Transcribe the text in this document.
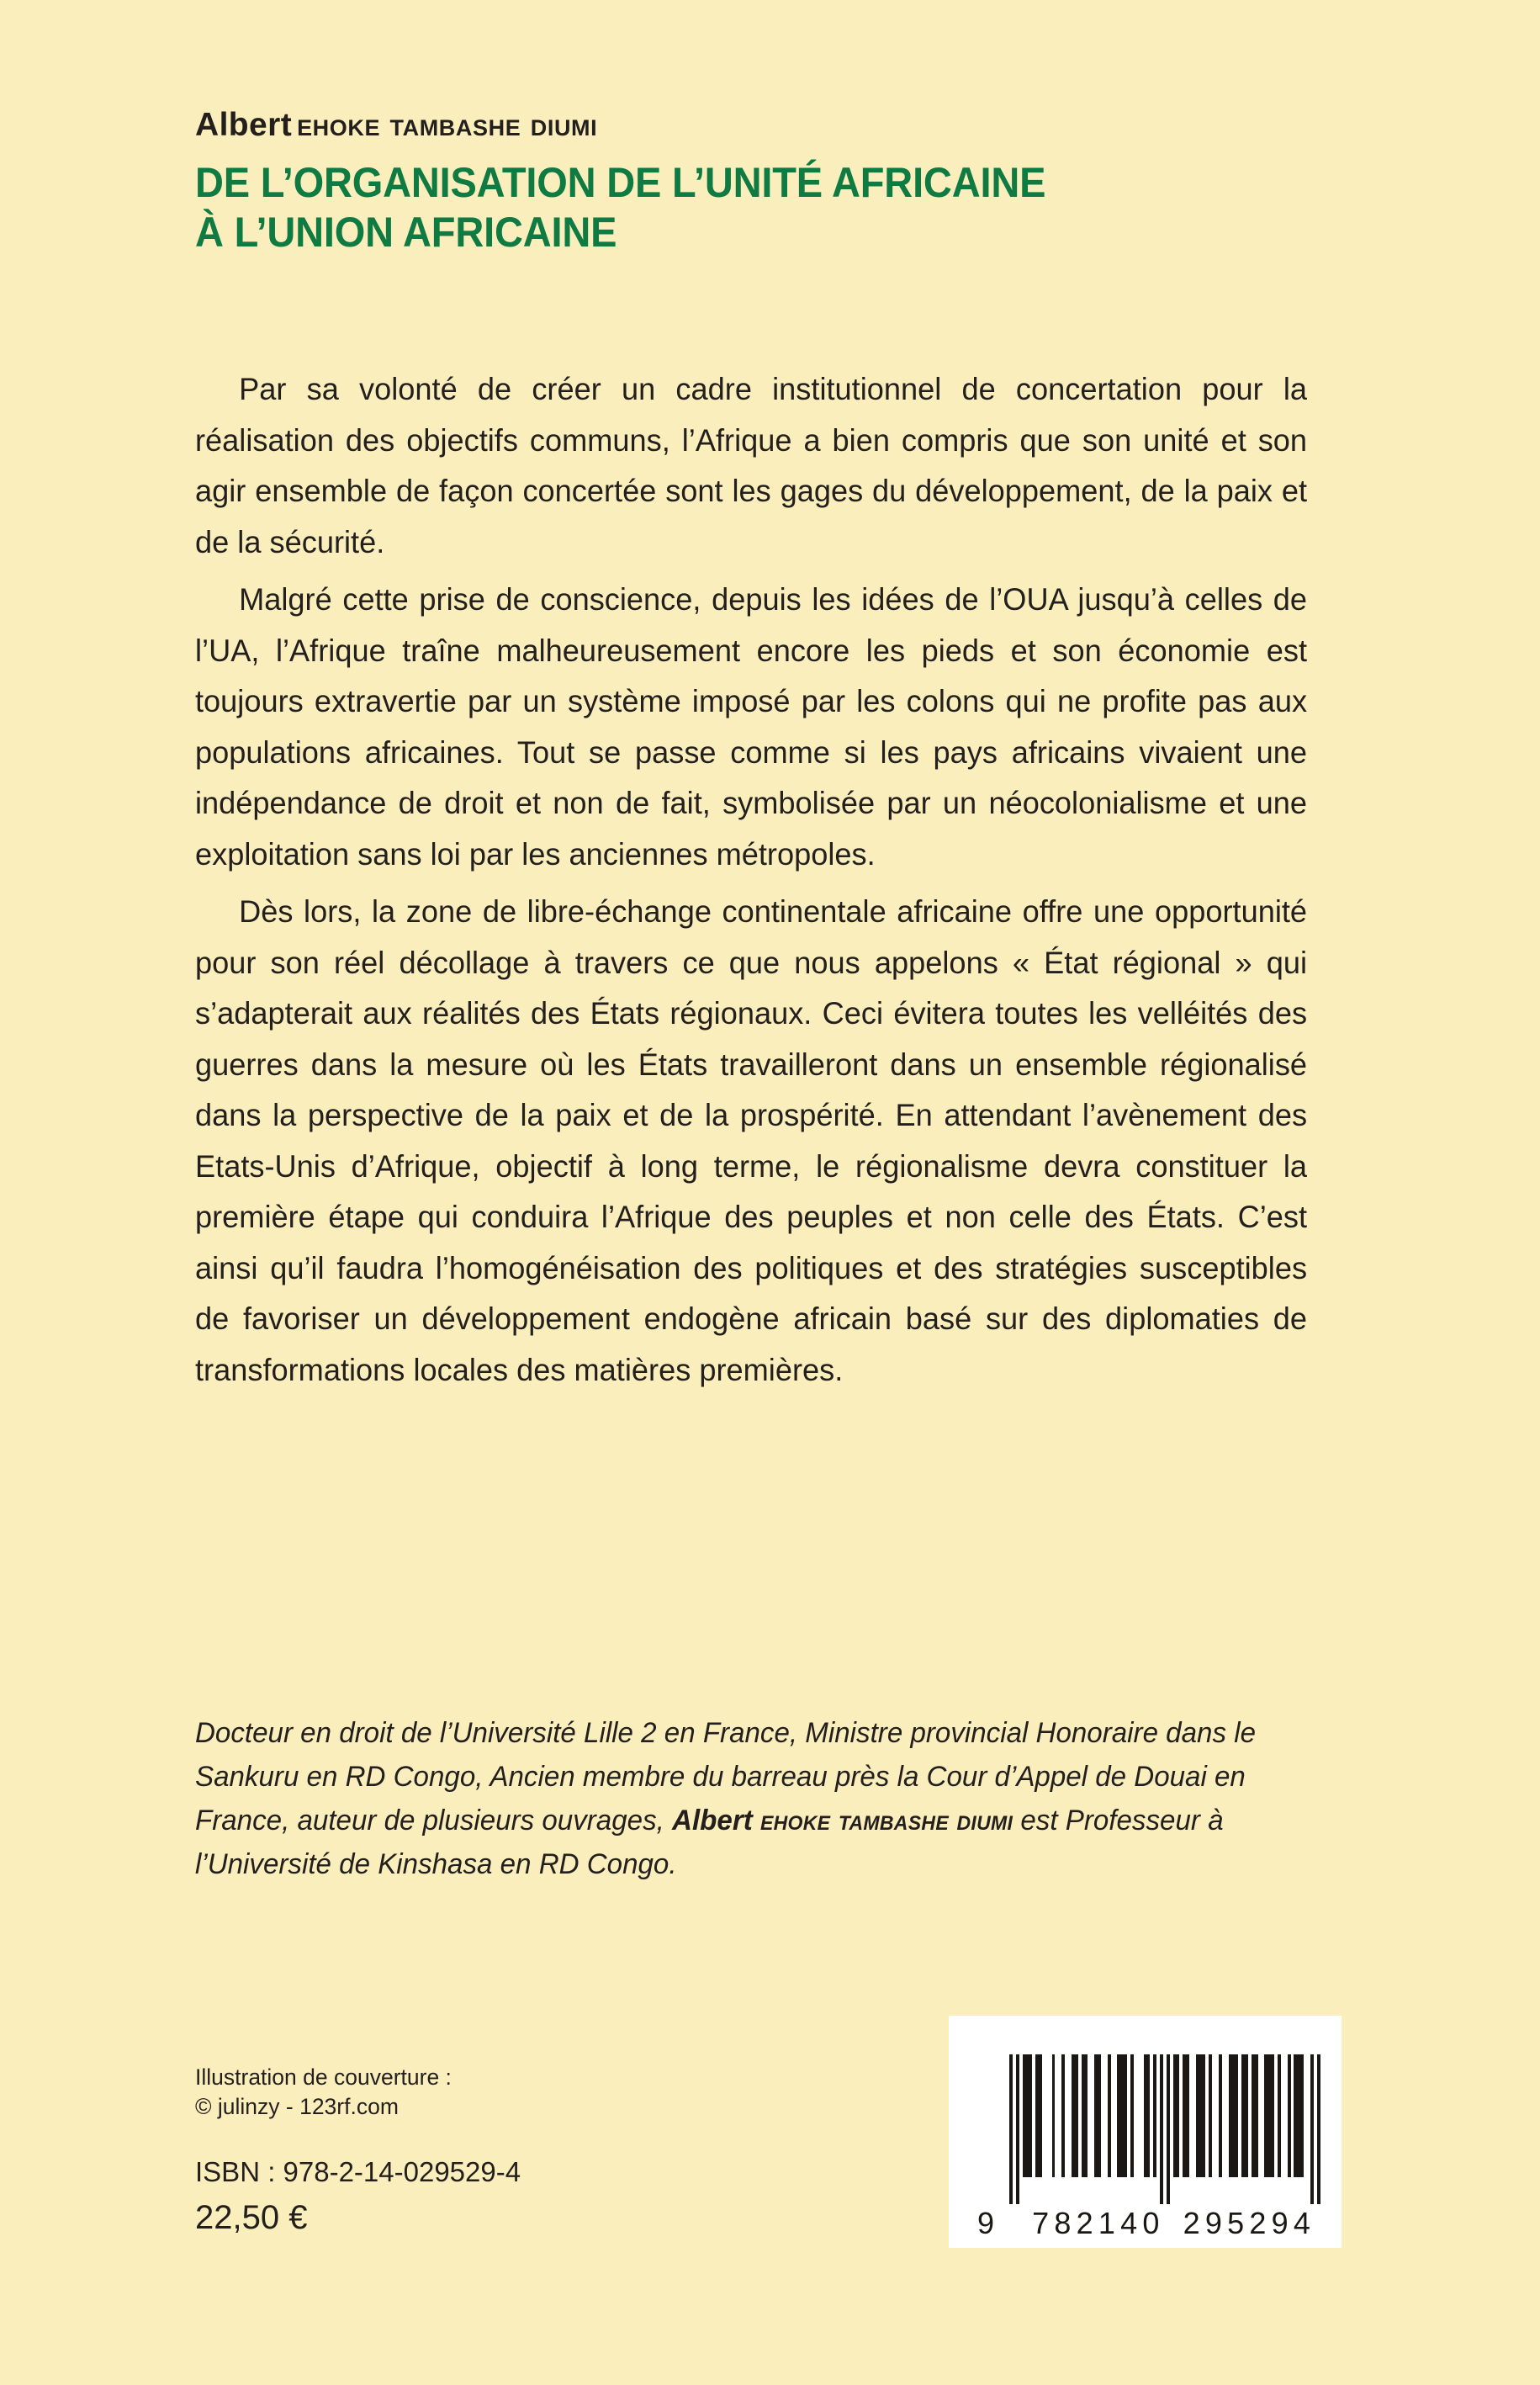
Albert ehoke tambashe diumi
DE L’ORGANISATION DE L’UNITÉ AFRICAINE
À L’UNION AFRICAINE

Par sa volonté de créer un cadre institutionnel de concertation pour la réalisation des objectifs communs, l’Afrique a bien compris que son unité et son agir ensemble de façon concertée sont les gages du développement, de la paix et de la sécurité.

Malgré cette prise de conscience, depuis les idées de l’OUA jusqu’à celles de l’UA, l’Afrique traîne malheureusement encore les pieds et son économie est toujours extravertie par un système imposé par les colons qui ne profite pas aux populations africaines. Tout se passe comme si les pays africains vivaient une indépendance de droit et non de fait, symbolisée par un néocolonialisme et une exploitation sans loi par les anciennes métropoles.

Dès lors, la zone de libre-échange continentale africaine offre une opportunité pour son réel décollage à travers ce que nous appelons « État régional » qui s’adapterait aux réalités des États régionaux. Ceci évitera toutes les velléités des guerres dans la mesure où les États travailleront dans un ensemble régionalisé dans la perspective de la paix et de la prospérité. En attendant l’avènement des Etats-Unis d’Afrique, objectif à long terme, le régionalisme devra constituer la première étape qui conduira l’Afrique des peuples et non celle des États. C’est ainsi qu’il faudra l’homogénéisation des politiques et des stratégies susceptibles de favoriser un développement endogène africain basé sur des diplomaties de transformations locales des matières premières.

Docteur en droit de l’Université Lille 2 en France, Ministre provincial Honoraire dans le Sankuru en RD Congo, Ancien membre du barreau près la Cour d’Appel de Douai en France, auteur de plusieurs ouvrages, Albert ehoke tambashe diumi est Professeur à l’Université de Kinshasa en RD Congo.
Illustration de couverture :
© julinzy - 123rf.com
ISBN : 978-2-14-029529-4
22,50 €	9	7 8 2 1 4 0 2 9 5 2 9 4
